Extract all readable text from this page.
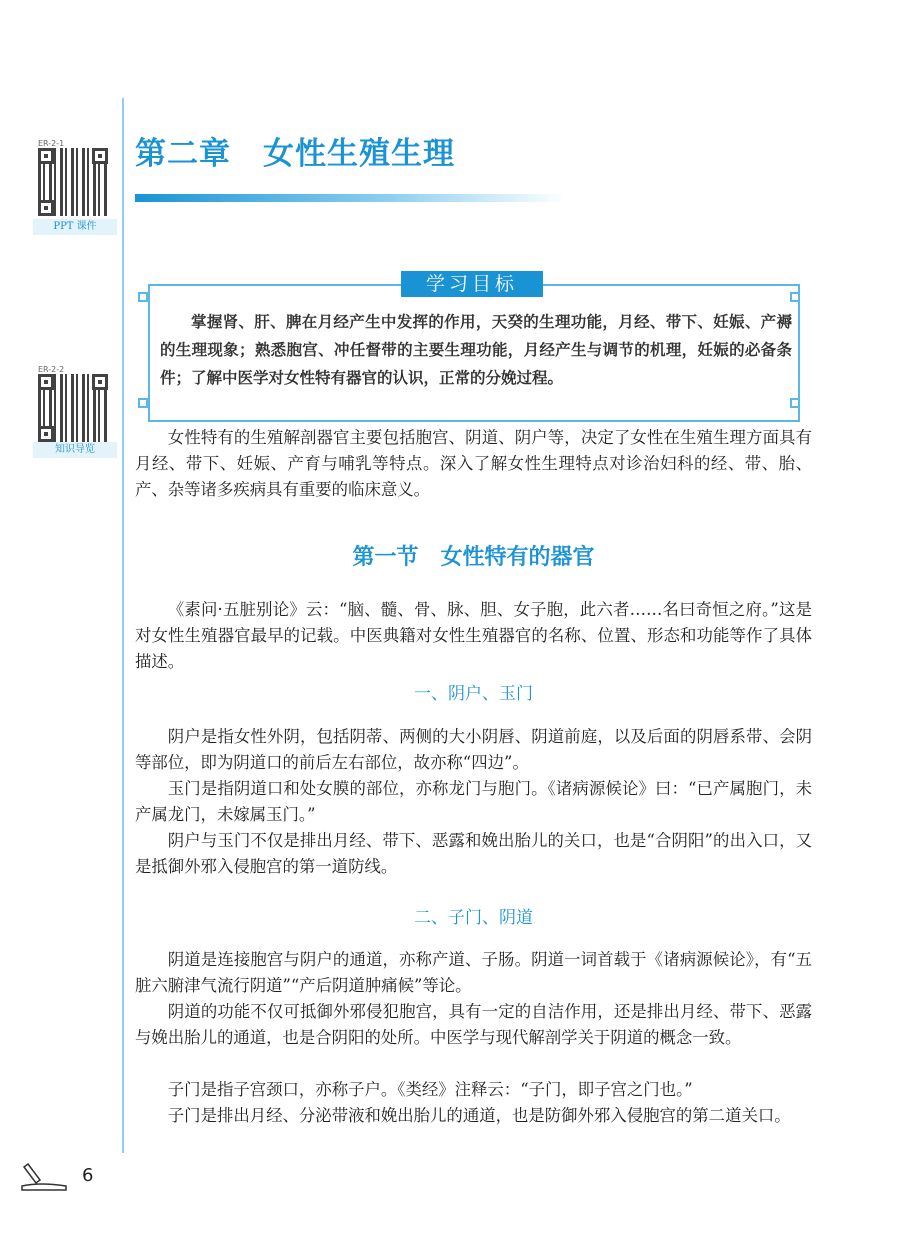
ER-2-1
PPT 课件
ER-2-2
知识导览
第二章　女性生殖生理
学习目标
掌握肾、肝、脾在月经产生中发挥的作用，天癸的生理功能，月经、带下、妊娠、产褥的生理现象；熟悉胞宫、冲任督带的主要生理功能，月经产生与调节的机理，妊娠的必备条件；了解中医学对女性特有器官的认识，正常的分娩过程。
女性特有的生殖解剖器官主要包括胞宫、阴道、阴户等，决定了女性在生殖生理方面具有月经、带下、妊娠、产育与哺乳等特点。深入了解女性生理特点对诊治妇科的经、带、胎、产、杂等诸多疾病具有重要的临床意义。
第一节　女性特有的器官
《素问·五脏别论》云：“脑、髓、骨、脉、胆、女子胞，此六者……名曰奇恒之府。”这是对女性生殖器官最早的记载。中医典籍对女性生殖器官的名称、位置、形态和功能等作了具体描述。
一、阴户、玉门
阴户是指女性外阴，包括阴蒂、两侧的大小阴唇、阴道前庭，以及后面的阴唇系带、会阴等部位，即为阴道口的前后左右部位，故亦称“四边”。
玉门是指阴道口和处女膜的部位，亦称龙门与胞门。《诸病源候论》曰：“已产属胞门，未产属龙门，未嫁属玉门。”
阴户与玉门不仅是排出月经、带下、恶露和娩出胎儿的关口，也是“合阴阳”的出入口，又是抵御外邪入侵胞宫的第一道防线。
二、子门、阴道
阴道是连接胞宫与阴户的通道，亦称产道、子肠。阴道一词首载于《诸病源候论》，有“五脏六腑津气流行阴道”“产后阴道肿痛候”等论。
阴道的功能不仅可抵御外邪侵犯胞宫，具有一定的自洁作用，还是排出月经、带下、恶露与娩出胎儿的通道，也是合阴阳的处所。中医学与现代解剖学关于阴道的概念一致。
子门是指子宫颈口，亦称子户。《类经》注释云：“子门，即子宫之门也。”
子门是排出月经、分泌带液和娩出胎儿的通道，也是防御外邪入侵胞宫的第二道关口。
6
